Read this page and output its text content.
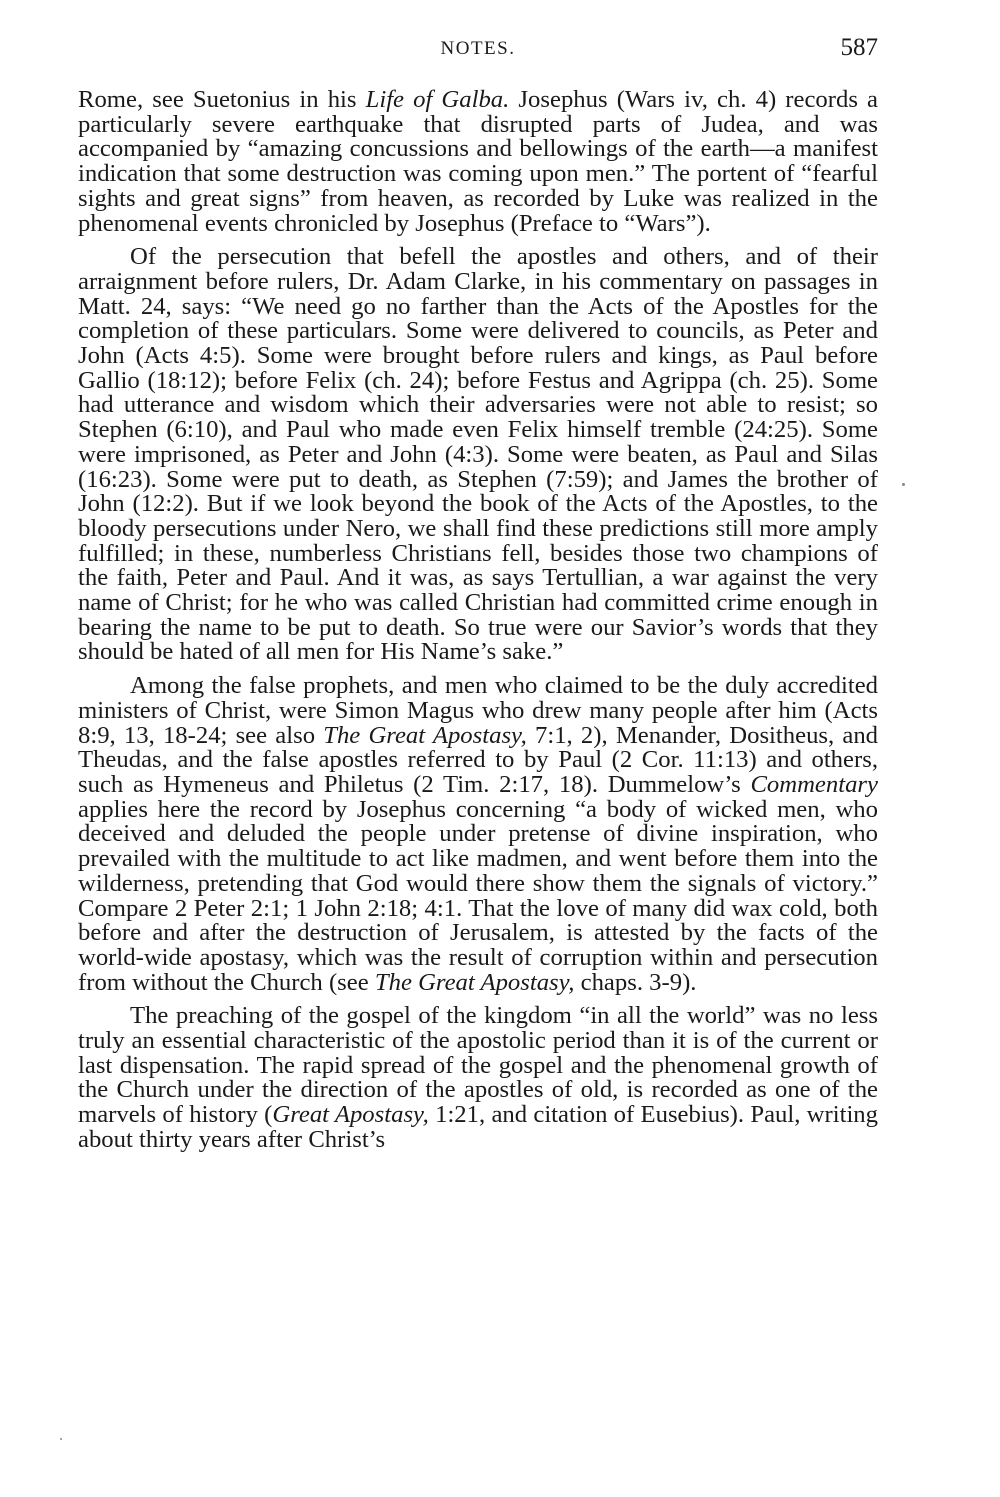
NOTES.	587

Rome, see Suetonius in his Life of Galba. Josephus (Wars iv, ch. 4) records a particularly severe earthquake that disrupted parts of Judea, and was accompanied by “amazing concussions and bellowings of the earth—a manifest indication that some destruction was coming upon men.” The portent of “fearful sights and great signs” from heaven, as recorded by Luke was realized in the phenomenal events chronicled by Josephus (Preface to “Wars”).

Of the persecution that befell the apostles and others, and of their arraignment before rulers, Dr. Adam Clarke, in his commentary on passages in Matt. 24, says: “We need go no farther than the Acts of the Apostles for the completion of these particulars. Some were delivered to councils, as Peter and John (Acts 4:5). Some were brought before rulers and kings, as Paul before Gallio (18:12); before Felix (ch. 24); before Festus and Agrippa (ch. 25). Some had utterance and wisdom which their adversaries were not able to resist; so Stephen (6:10), and Paul who made even Felix himself tremble (24:25). Some were imprisoned, as Peter and John (4:3). Some were beaten, as Paul and Silas (16:23). Some were put to death, as Stephen (7:59); and James the brother of John (12:2). But if we look beyond the book of the Acts of the Apostles, to the bloody persecutions under Nero, we shall find these predictions still more amply fulfilled; in these, numberless Christians fell, besides those two champions of the faith, Peter and Paul. And it was, as says Tertullian, a war against the very name of Christ; for he who was called Christian had committed crime enough in bearing the name to be put to death. So true were our Savior’s words that they should be hated of all men for His Name’s sake.”

Among the false prophets, and men who claimed to be the duly accredited ministers of Christ, were Simon Magus who drew many people after him (Acts 8:9, 13, 18-24; see also The Great Apostasy, 7:1, 2), Menander, Dositheus, and Theudas, and the false apostles referred to by Paul (2 Cor. 11:13) and others, such as Hymeneus and Philetus (2 Tim. 2:17, 18). Dummelow’s Commentary applies here the record by Josephus concerning “a body of wicked men, who deceived and deluded the people under pretense of divine inspiration, who prevailed with the multitude to act like madmen, and went before them into the wilderness, pretending that God would there show them the signals of victory.” Compare 2 Peter 2:1; 1 John 2:18; 4:1. That the love of many did wax cold, both before and after the destruction of Jerusalem, is attested by the facts of the world-wide apostasy, which was the result of corruption within and persecution from without the Church (see The Great Apostasy, chaps. 3-9).

The preaching of the gospel of the kingdom “in all the world” was no less truly an essential characteristic of the apostolic period than it is of the current or last dispensation. The rapid spread of the gospel and the phenomenal growth of the Church under the direction of the apostles of old, is recorded as one of the marvels of history (Great Apostasy, 1:21, and citation of Eusebius). Paul, writing about thirty years after Christ’s
